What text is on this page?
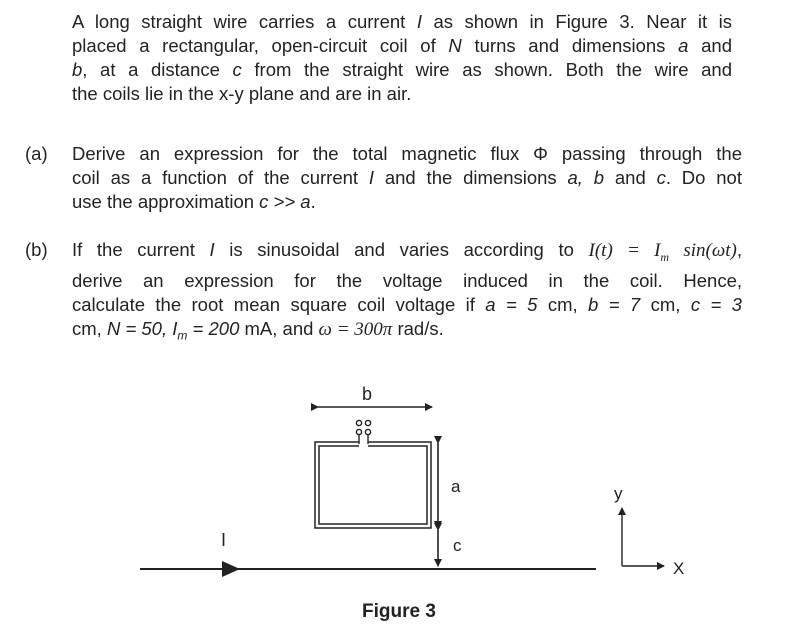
A long straight wire carries a current I as shown in Figure 3. Near it is
placed a rectangular, open-circuit coil of N turns and dimensions a and
b, at a distance c from the straight wire as shown. Both the wire and
the coils lie in the x-y plane and are in air.
(a) Derive an expression for the total magnetic flux Φ passing through the
coil as a function of the current I and the dimensions a, b and c. Do not
use the approximation c >> a.
(b) If the current I is sinusoidal and varies according to $I(t) = I_m$ sin(ωt),
derive an expression for the voltage induced in the coil. Hence,
calculate the root mean square coil voltage if a = 5 cm, b = 7 cm, c = 3
cm, N = 50, $I_m = 200$ mA, and ω = 300π rad/s.
b
a
c
I
y
X
Figure 3
